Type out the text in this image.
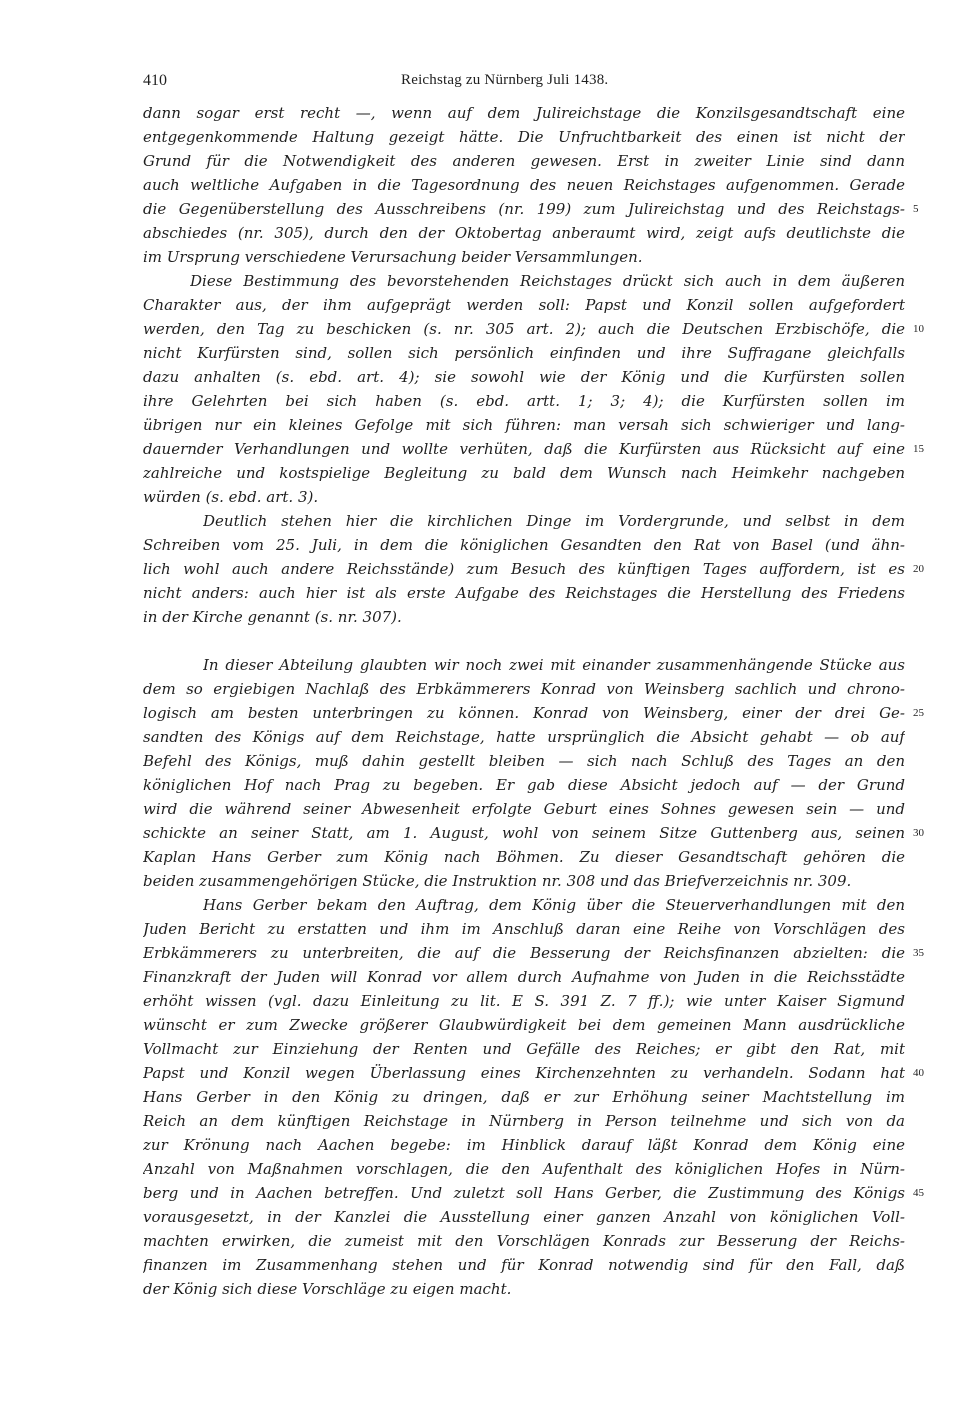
410	Reichstag zu Nürnberg Juli 1438.
dann sogar erst recht —, wenn auf dem Julireichstage die Konzilsgesandtschaft eine
entgegenkommende Haltung gezeigt hätte. Die Unfruchtbarkeit des einen ist nicht der
Grund für die Notwendigkeit des anderen gewesen. Erst in zweiter Linie sind dann
auch weltliche Aufgaben in die Tagesordnung des neuen Reichstages aufgenommen. Gerade
die Gegenüberstellung des Ausschreibens (nr. 199) zum Julireichstag und des Reichstags-
abschiedes (nr. 305), durch den der Oktobertag anberaumt wird, zeigt aufs deutlichste die
im Ursprung verschiedene Verursachung beider Versammlungen.
Diese Bestimmung des bevorstehenden Reichstages drückt sich auch in dem äußeren
Charakter aus, der ihm aufgeprägt werden soll: Papst und Konzil sollen aufgefordert
werden, den Tag zu beschicken (s. nr. 305 art. 2); auch die Deutschen Erzbischöfe, die
nicht Kurfürsten sind, sollen sich persönlich einfinden und ihre Suffragane gleichfalls
dazu anhalten (s. ebd. art. 4); sie sowohl wie der König und die Kurfürsten sollen
ihre Gelehrten bei sich haben (s. ebd. artt. 1; 3; 4); die Kurfürsten sollen im
übrigen nur ein kleines Gefolge mit sich führen: man versah sich schwieriger und lang-
dauernder Verhandlungen und wollte verhüten, daß die Kurfürsten aus Rücksicht auf eine
zahlreiche und kostspielige Begleitung zu bald dem Wunsch nach Heimkehr nachgeben
würden (s. ebd. art. 3).
Deutlich stehen hier die kirchlichen Dinge im Vordergrunde, und selbst in dem
Schreiben vom 25. Juli, in dem die königlichen Gesandten den Rat von Basel (und ähn-
lich wohl auch andere Reichsstände) zum Besuch des künftigen Tages auffordern, ist es
nicht anders: auch hier ist als erste Aufgabe des Reichstages die Herstellung des Friedens
in der Kirche genannt (s. nr. 307).
In dieser Abteilung glaubten wir noch zwei mit einander zusammenhängende Stücke aus
dem so ergiebigen Nachlaß des Erbkämmerers Konrad von Weinsberg sachlich und chrono-
logisch am besten unterbringen zu können. Konrad von Weinsberg, einer der drei Ge-
sandten des Königs auf dem Reichstage, hatte ursprünglich die Absicht gehabt — ob auf
Befehl des Königs, muß dahin gestellt bleiben — sich nach Schluß des Tages an den
königlichen Hof nach Prag zu begeben. Er gab diese Absicht jedoch auf — der Grund
wird die während seiner Abwesenheit erfolgte Geburt eines Sohnes gewesen sein — und
schickte an seiner Statt, am 1. August, wohl von seinem Sitze Guttenberg aus, seinen
Kaplan Hans Gerber zum König nach Böhmen. Zu dieser Gesandtschaft gehören die
beiden zusammengehörigen Stücke, die Instruktion nr. 308 und das Briefverzeichnis nr. 309.
Hans Gerber bekam den Auftrag, dem König über die Steuerverhandlungen mit den
Juden Bericht zu erstatten und ihm im Anschluß daran eine Reihe von Vorschlägen des
Erbkämmerers zu unterbreiten, die auf die Besserung der Reichsfinanzen abzielten: die
Finanzkraft der Juden will Konrad vor allem durch Aufnahme von Juden in die Reichsstädte
erhöht wissen (vgl. dazu Einleitung zu lit. E S. 391 Z. 7 ff.); wie unter Kaiser Sigmund
wünscht er zum Zwecke größerer Glaubwürdigkeit bei dem gemeinen Mann ausdrückliche
Vollmacht zur Einziehung der Renten und Gefälle des Reiches; er gibt den Rat, mit
Papst und Konzil wegen Überlassung eines Kirchenzehnten zu verhandeln. Sodann hat
Hans Gerber in den König zu dringen, daß er zur Erhöhung seiner Machtstellung im
Reich an dem künftigen Reichstage in Nürnberg in Person teilnehme und sich von da
zur Krönung nach Aachen begebe: im Hinblick darauf läßt Konrad dem König eine
Anzahl von Maßnahmen vorschlagen, die den Aufenthalt des königlichen Hofes in Nürn-
berg und in Aachen betreffen. Und zuletzt soll Hans Gerber, die Zustimmung des Königs
vorausgesetzt, in der Kanzlei die Ausstellung einer ganzen Anzahl von königlichen Voll-
machten erwirken, die zumeist mit den Vorschlägen Konrads zur Besserung der Reichs-
finanzen im Zusammenhang stehen und für Konrad notwendig sind für den Fall, daß
der König sich diese Vorschläge zu eigen macht.
5
10
15
20
25
30
35
40
45
